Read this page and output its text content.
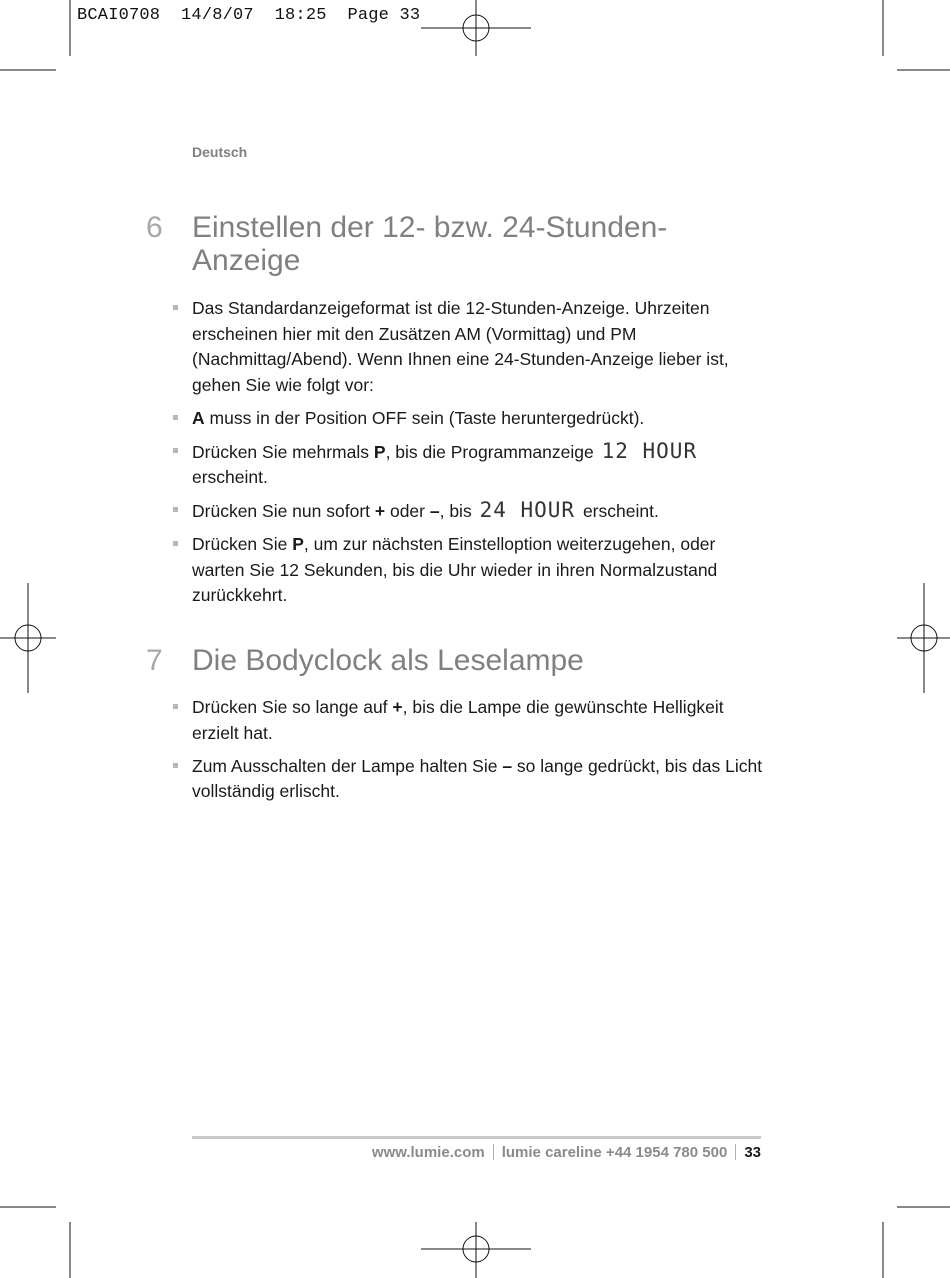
BCAI0708  14/8/07  18:25  Page 33
Deutsch
6 Einstellen der 12- bzw. 24-Stunden-Anzeige
Das Standardanzeigeformat ist die 12-Stunden-Anzeige. Uhrzeiten erscheinen hier mit den Zusätzen AM (Vormittag) und PM (Nachmittag/Abend). Wenn Ihnen eine 24-Stunden-Anzeige lieber ist, gehen Sie wie folgt vor:
A muss in der Position OFF sein (Taste heruntergedrückt).
Drücken Sie mehrmals P, bis die Programmanzeige 12 HOUR
erscheint.
Drücken Sie nun sofort + oder –, bis 24 HOUR erscheint.
Drücken Sie P, um zur nächsten Einstelloption weiterzugehen, oder warten Sie 12 Sekunden, bis die Uhr wieder in ihren Normalzustand zurückkehrt.
7 Die Bodyclock als Leselampe
Drücken Sie so lange auf +, bis die Lampe die gewünschte Helligkeit erzielt hat.
Zum Ausschalten der Lampe halten Sie – so lange gedrückt, bis das Licht vollständig erlischt.
www.lumie.com lumie careline +44 1954 780 500 33
